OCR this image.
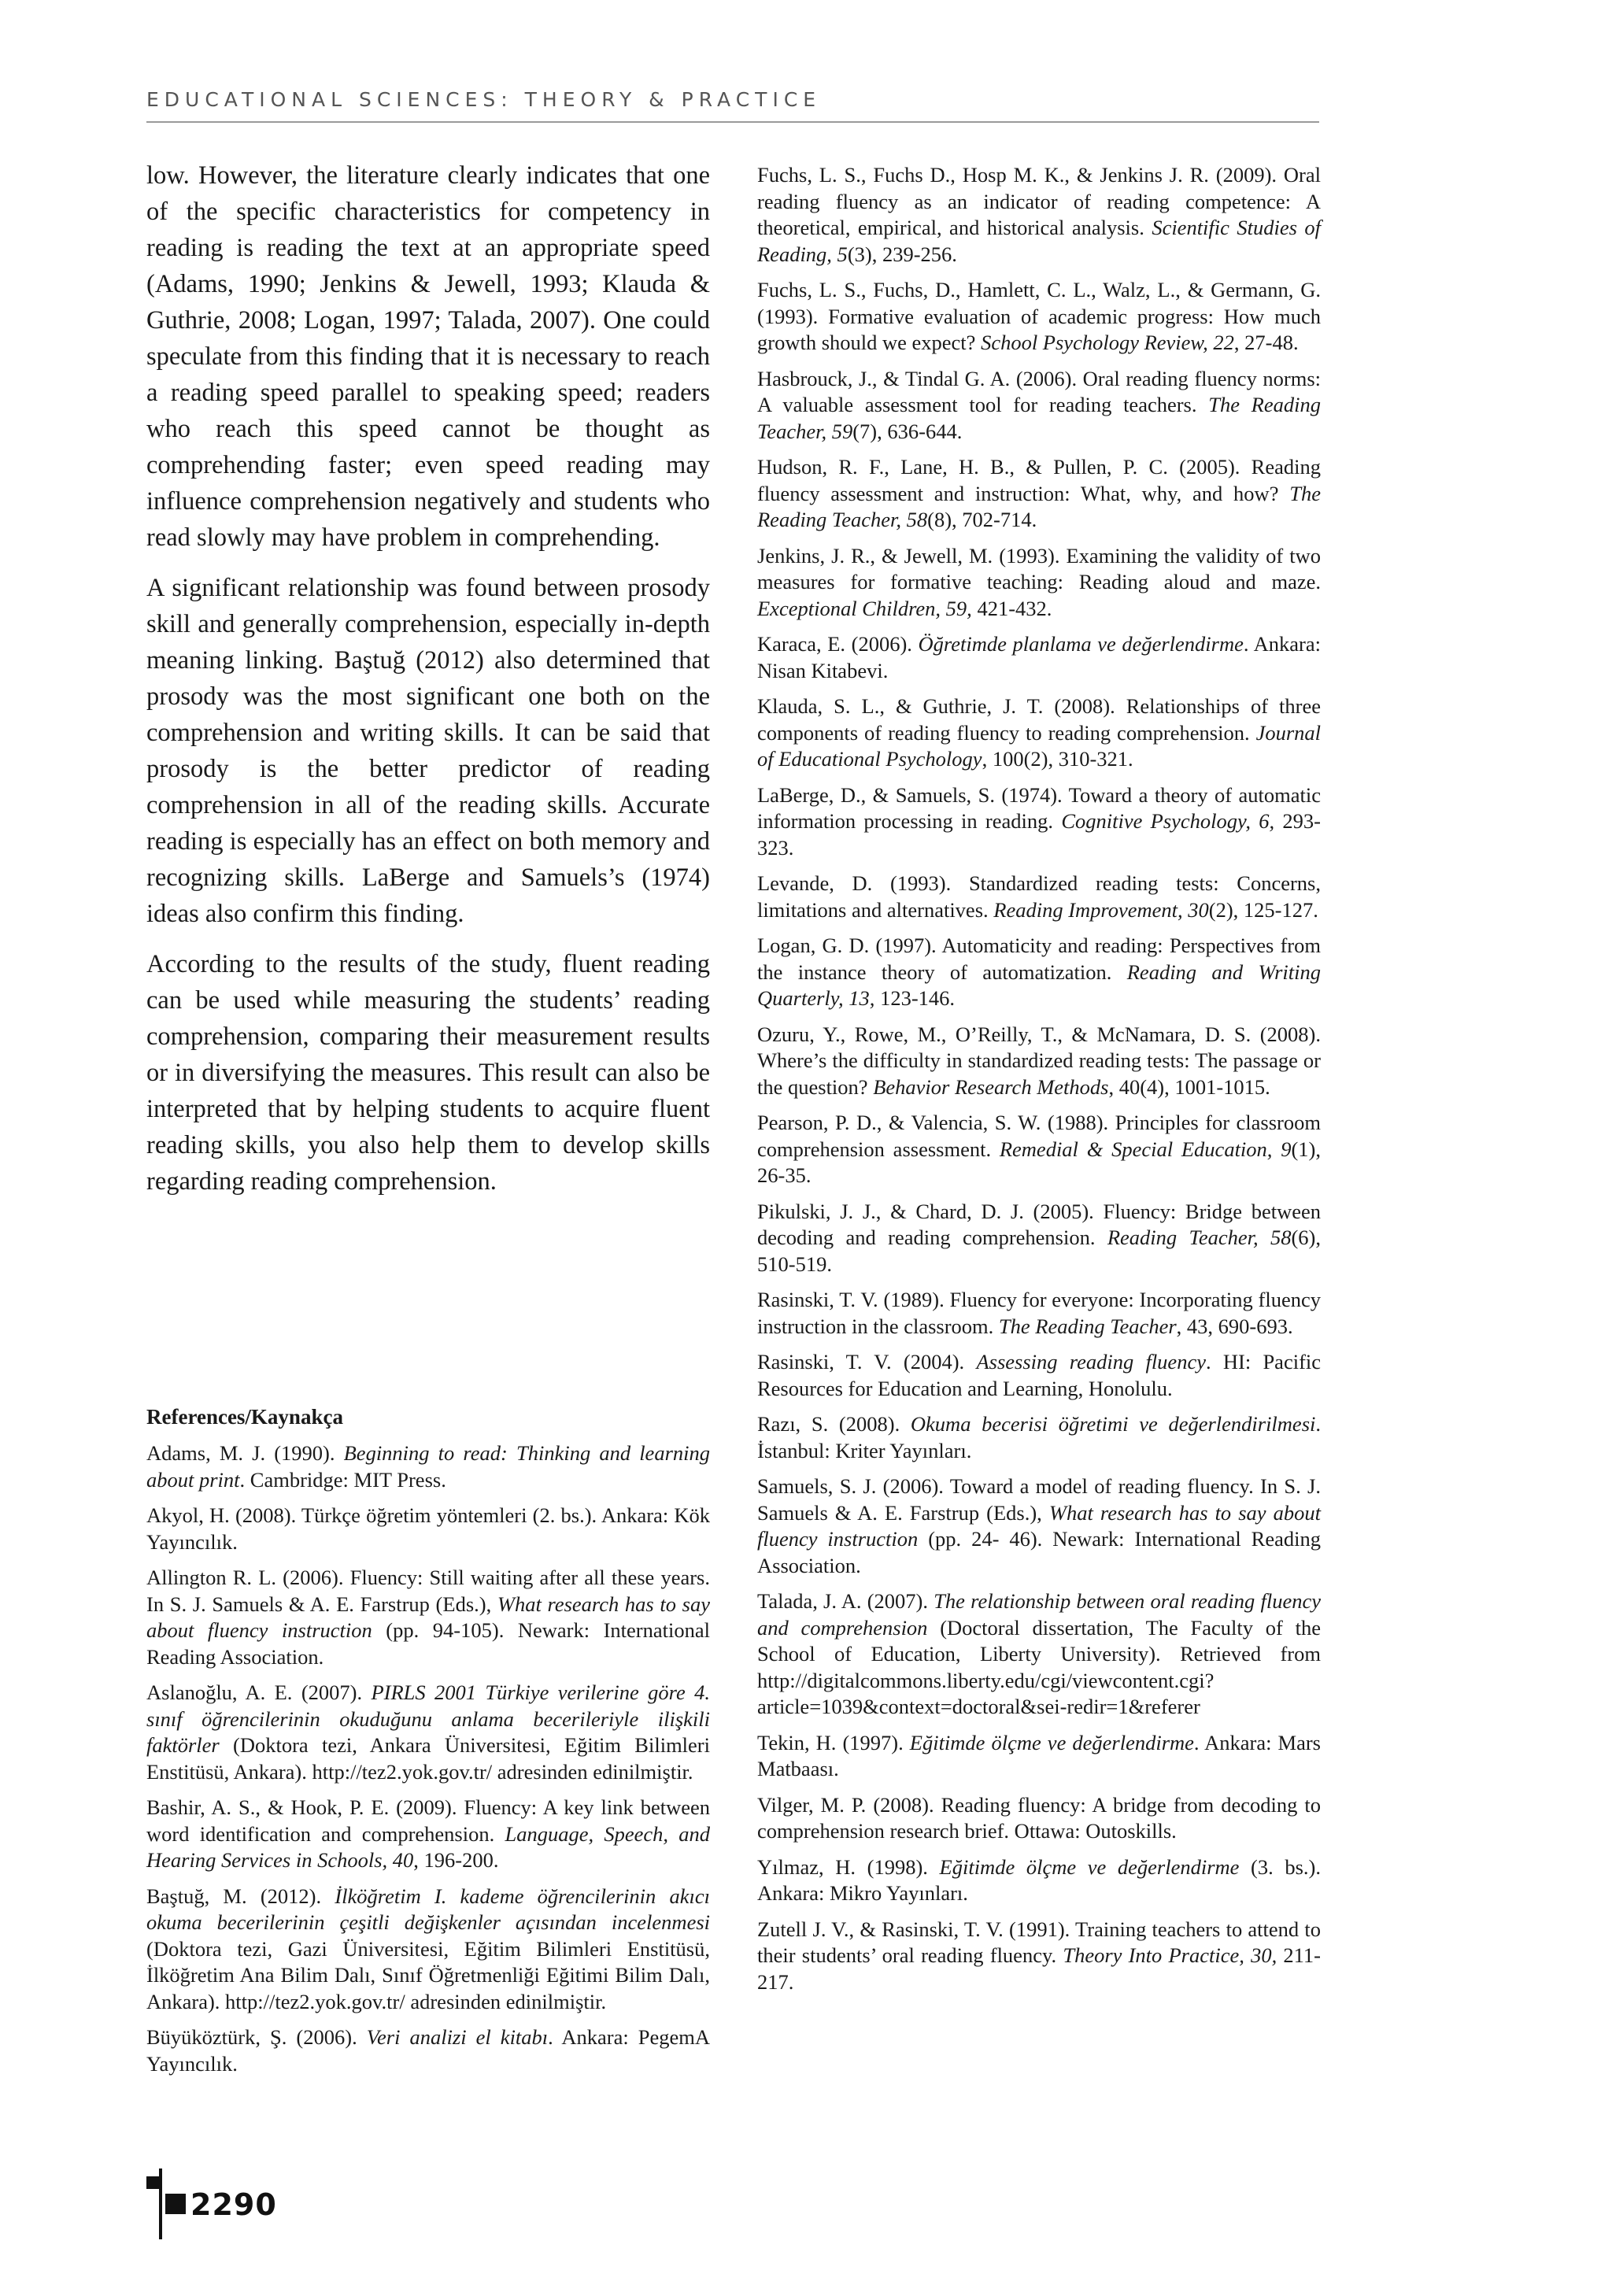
EDUCATIONAL SCIENCES: THEORY & PRACTICE

low. However, the literature clearly indicates that one of the specific characteristics for competency in reading is reading the text at an appropriate speed (Adams, 1990; Jenkins & Jewell, 1993; Klauda & Guthrie, 2008; Logan, 1997; Talada, 2007). One could speculate from this finding that it is necessary to reach a reading speed parallel to speaking speed; readers who reach this speed cannot be thought as comprehending faster; even speed reading may influence comprehension negatively and students who read slowly may have problem in comprehending.

A significant relationship was found between prosody skill and generally comprehension, especially in-depth meaning linking. Baştuğ (2012) also determined that prosody was the most significant one both on the comprehension and writing skills. It can be said that prosody is the better predictor of reading comprehension in all of the reading skills. Accurate reading is especially has an effect on both memory and recognizing skills. LaBerge and Samuels’s (1974) ideas also confirm this finding.

According to the results of the study, fluent reading can be used while measuring the students’ reading comprehension, comparing their measurement results or in diversifying the measures. This result can also be interpreted that by helping students to acquire fluent reading skills, you also help them to develop skills regarding reading comprehension.

References/Kaynakça
Adams, M. J. (1990). Beginning to read: Thinking and learning about print. Cambridge: MIT Press.
Akyol, H. (2008). Türkçe öğretim yöntemleri (2. bs.). Ankara: Kök Yayıncılık.
Allington R. L. (2006). Fluency: Still waiting after all these years. In S. J. Samuels & A. E. Farstrup (Eds.), What research has to say about fluency instruction (pp. 94-105). Newark: International Reading Association.
Aslanoğlu, A. E. (2007). PIRLS 2001 Türkiye verilerine göre 4. sınıf öğrencilerinin okuduğunu anlama becerileriyle ilişkili faktörler (Doktora tezi, Ankara Üniversitesi, Eğitim Bilimleri Enstitüsü, Ankara). http://tez2.yok.gov.tr/ adresinden edinilmiştir.
Bashir, A. S., & Hook, P. E. (2009). Fluency: A key link between word identification and comprehension. Language, Speech, and Hearing Services in Schools, 40, 196-200.
Baştuğ, M. (2012). İlköğretim I. kademe öğrencilerinin akıcı okuma becerilerinin çeşitli değişkenler açısından incelenmesi (Doktora tezi, Gazi Üniversitesi, Eğitim Bilimleri Enstitüsü, İlköğretim Ana Bilim Dalı, Sınıf Öğretmenliği Eğitimi Bilim Dalı, Ankara). http://tez2.yok.gov.tr/ adresinden edinilmiştir.
Büyüköztürk, Ş. (2006). Veri analizi el kitabı. Ankara: PegemA Yayıncılık.
Fuchs, L. S., Fuchs D., Hosp M. K., & Jenkins J. R. (2009). Oral reading fluency as an indicator of reading competence: A theoretical, empirical, and historical analysis. Scientific Studies of Reading, 5(3), 239-256.
Fuchs, L. S., Fuchs, D., Hamlett, C. L., Walz, L., & Germann, G. (1993). Formative evaluation of academic progress: How much growth should we expect? School Psychology Review, 22, 27-48.
Hasbrouck, J., & Tindal G. A. (2006). Oral reading fluency norms: A valuable assessment tool for reading teachers. The Reading Teacher, 59(7), 636-644.
Hudson, R. F., Lane, H. B., & Pullen, P. C. (2005). Reading fluency assessment and instruction: What, why, and how? The Reading Teacher, 58(8), 702-714.
Jenkins, J. R., & Jewell, M. (1993). Examining the validity of two measures for formative teaching: Reading aloud and maze. Exceptional Children, 59, 421-432.
Karaca, E. (2006). Öğretimde planlama ve değerlendirme. Ankara: Nisan Kitabevi.
Klauda, S. L., & Guthrie, J. T. (2008). Relationships of three components of reading fluency to reading comprehension. Journal of Educational Psychology, 100(2), 310-321.
LaBerge, D., & Samuels, S. (1974). Toward a theory of automatic information processing in reading. Cognitive Psychology, 6, 293-323.
Levande, D. (1993). Standardized reading tests: Concerns, limitations and alternatives. Reading Improvement, 30(2), 125-127.
Logan, G. D. (1997). Automaticity and reading: Perspectives from the instance theory of automatization. Reading and Writing Quarterly, 13, 123-146.
Ozuru, Y., Rowe, M., O’Reilly, T., & McNamara, D. S. (2008). Where’s the difficulty in standardized reading tests: The passage or the question? Behavior Research Methods, 40(4), 1001-1015.
Pearson, P. D., & Valencia, S. W. (1988). Principles for classroom comprehension assessment. Remedial & Special Education, 9(1), 26-35.
Pikulski, J. J., & Chard, D. J. (2005). Fluency: Bridge between decoding and reading comprehension. Reading Teacher, 58(6), 510-519.
Rasinski, T. V. (1989). Fluency for everyone: Incorporating fluency instruction in the classroom. The Reading Teacher, 43, 690-693.
Rasinski, T. V. (2004). Assessing reading fluency. HI: Pacific Resources for Education and Learning, Honolulu.
Razı, S. (2008). Okuma becerisi öğretimi ve değerlendirilmesi. İstanbul: Kriter Yayınları.
Samuels, S. J. (2006). Toward a model of reading fluency. In S. J. Samuels & A. E. Farstrup (Eds.), What research has to say about fluency instruction (pp. 24- 46). Newark: International Reading Association.
Talada, J. A. (2007). The relationship between oral reading fluency and comprehension (Doctoral dissertation, The Faculty of the School of Education, Liberty University). Retrieved from http://digitalcommons.liberty.edu/cgi/viewcontent.cgi?article=1039&context=doctoral&sei-redir=1&referer
Tekin, H. (1997). Eğitimde ölçme ve değerlendirme. Ankara: Mars Matbaası.
Vilger, M. P. (2008). Reading fluency: A bridge from decoding to comprehension research brief. Ottawa: Outoskills.
Yılmaz, H. (1998). Eğitimde ölçme ve değerlendirme (3. bs.). Ankara: Mikro Yayınları.
Zutell J. V., & Rasinski, T. V. (1991). Training teachers to attend to their students’ oral reading fluency. Theory Into Practice, 30, 211-217.
2290
